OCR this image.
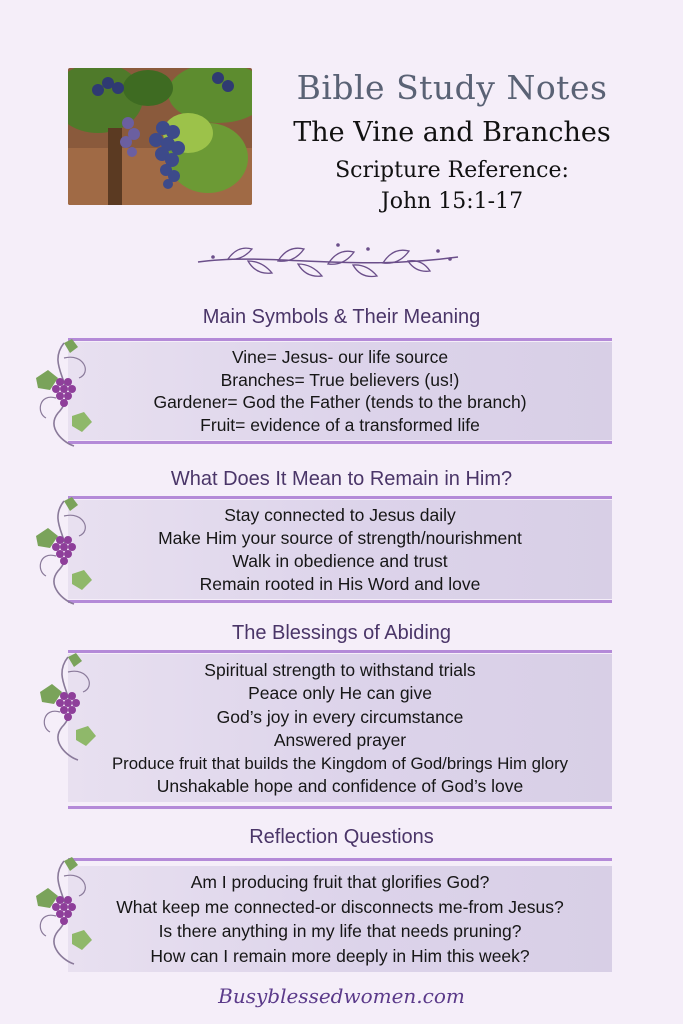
Bible Study Notes
The Vine and Branches
Scripture Reference:
John 15:1-17
Main Symbols & Their Meaning
Vine= Jesus- our life source
Branches= True believers (us!)
Gardener= God the Father (tends to the branch)
Fruit= evidence of a transformed life
What Does It Mean to Remain in Him?
Stay connected to Jesus daily
Make Him your source of strength/nourishment
Walk in obedience and trust
Remain rooted in His Word and love
The Blessings of Abiding
Spiritual strength to withstand trials
Peace only He can give
God’s joy in every circumstance
Answered prayer
Produce fruit that builds the Kingdom of God/brings Him glory
Unshakable hope and confidence of God’s love
Reflection Questions
Am I producing fruit that glorifies God?
What keep me connected-or disconnects me-from Jesus?
Is there anything in my life that needs pruning?
How can I remain more deeply in Him this week?
Busyblessedwomen.com
